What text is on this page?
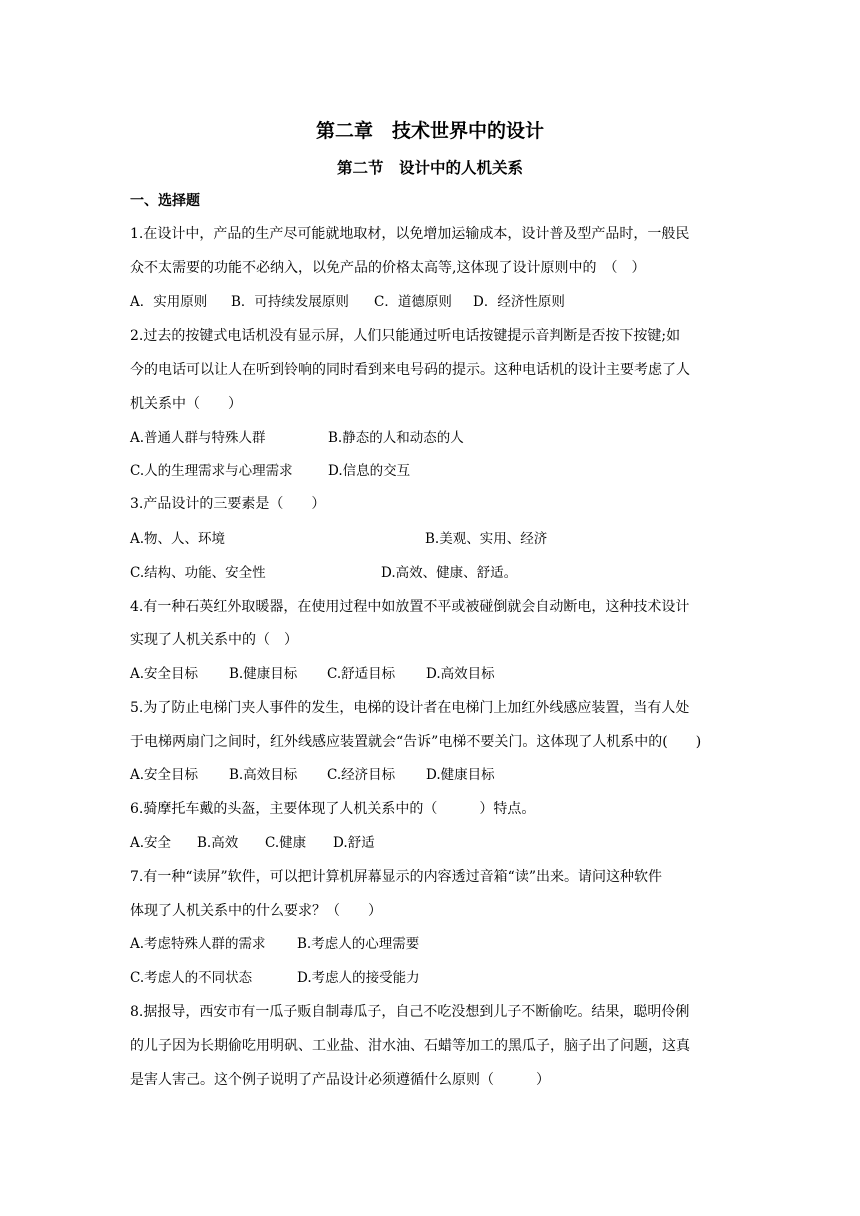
第二章　技术世界中的设计
第二节　设计中的人机关系
一、选择题
1.在设计中，产品的生产尽可能就地取材，以免增加运输成本，设计普及型产品时，一般民
众不太需要的功能不必纳入，以免产品的价格太高等,这体现了设计原则中的　（　）
A．实用原则 B．可持续发展原则 C．道德原则 D．经济性原则
2.过去的按键式电话机没有显示屏，人们只能通过听电话按键提示音判断是否按下按键;如
今的电话可以让人在听到铃响的同时看到来电号码的提示。这种电话机的设计主要考虑了人
机关系中（　　）
A.普通人群与特殊人群	B.静态的人和动态的人
C.人的生理需求与心理需求	D.信息的交互
3.产品设计的三要素是（　　）
A.物、人、环境	B.美观、实用、经济
C.结构、功能、安全性	D.高效、健康、舒适。
4.有一种石英红外取暖器，在使用过程中如放置不平或被碰倒就会自动断电，这种技术设计
实现了人机关系中的（　）
A.安全目标 B.健康目标 C.舒适目标 D.高效目标
5.为了防止电梯门夹人事件的发生，电梯的设计者在电梯门上加红外线感应装置，当有人处
于电梯两扇门之间时，红外线感应装置就会“告诉”电梯不要关门。这体现了人机系中的(　　)
A.安全目标 B.高效目标 C.经济目标 D.健康目标
6.骑摩托车戴的头盔，主要体现了人机关系中的（　　　）特点。
A.安全 B.高效 C.健康 D.舒适
7.有一种“读屏”软件，可以把计算机屏幕显示的内容透过音箱“读”出来。请问这种软件
体现了人机关系中的什么要求？（　　）
A.考虑特殊人群的需求 B.考虑人的心理需要
C.考虑人的不同状态	D.考虑人的接受能力
8.据报导，西安市有一瓜子贩自制毒瓜子，自己不吃没想到儿子不断偷吃。结果，聪明伶俐
的儿子因为长期偷吃用明矾、工业盐、泔水油、石蜡等加工的黑瓜子，脑子出了问题，这真
是害人害己。这个例子说明了产品设计必须遵循什么原则（　　　）
